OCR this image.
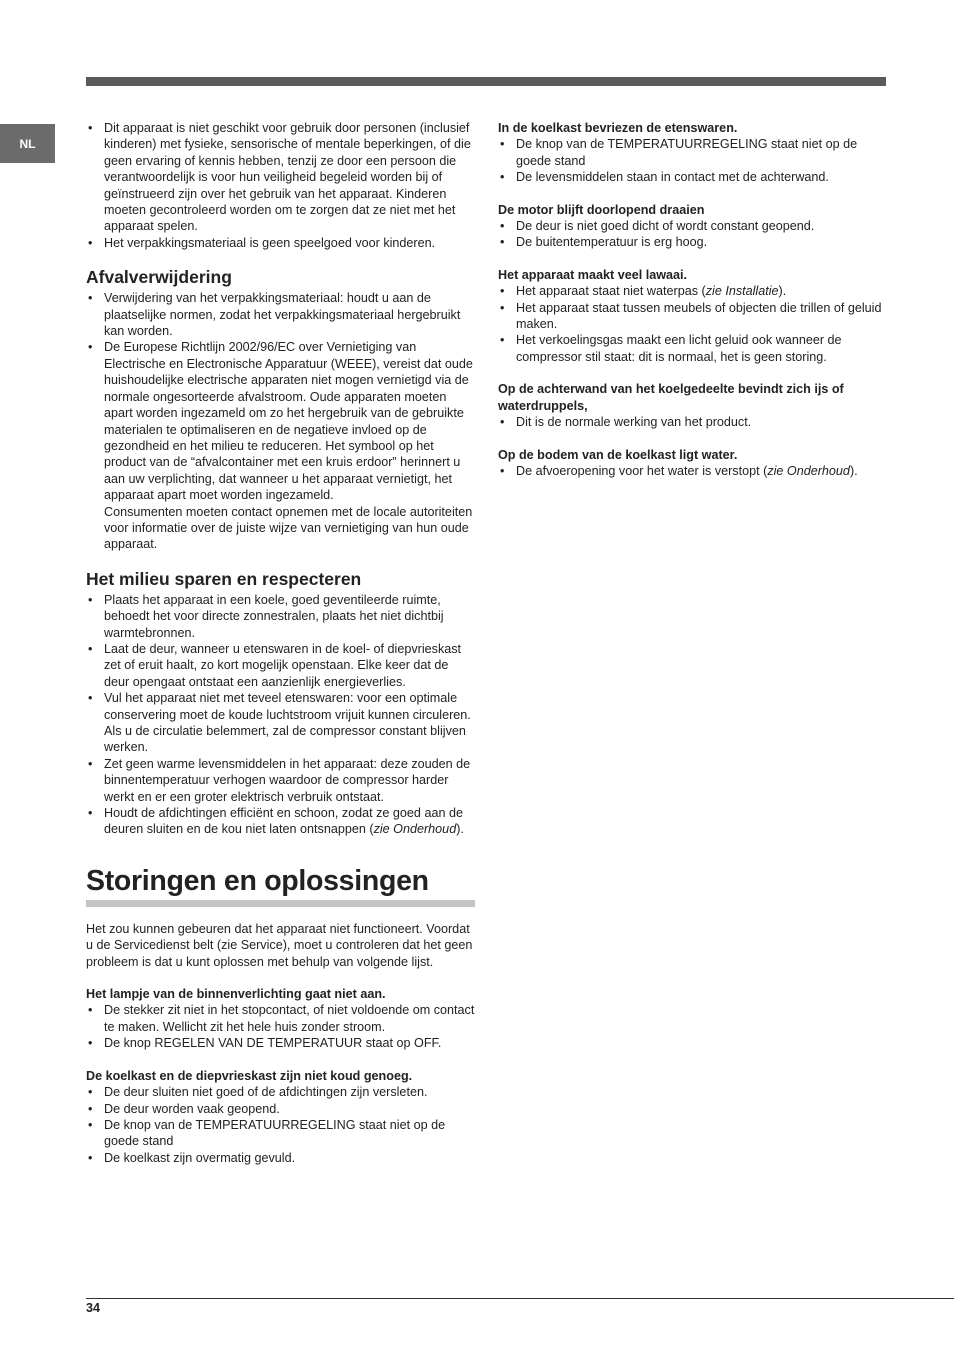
NL
• Dit apparaat is niet geschikt voor gebruik door personen (inclusief kinderen) met fysieke, sensorische of mentale beperkingen, of die geen ervaring of kennis hebben, tenzij ze door een persoon die verantwoordelijk is voor hun veiligheid begeleid worden bij of geïnstrueerd zijn over het gebruik van het apparaat. Kinderen moeten gecontroleerd worden om te zorgen dat ze niet met het apparaat spelen.
• Het verpakkingsmateriaal is geen speelgoed voor kinderen.
Afvalverwijdering
• Verwijdering van het verpakkingsmateriaal: houdt u aan de plaatselijke normen, zodat het verpakkingsmateriaal hergebruikt kan worden.
• De Europese Richtlijn 2002/96/EC over Vernietiging van Electrische en Electronische Apparatuur (WEEE), vereist dat oude huishoudelijke electrische apparaten niet mogen vernietigd via de normale ongesorteerde afvalstroom. Oude apparaten moeten apart worden ingezameld om zo het hergebruik van de gebruikte materialen te optimaliseren en de negatieve invloed op de gezondheid en het milieu te reduceren. Het symbool op het product van de “afvalcontainer met een kruis erdoor” herinnert u aan uw verplichting, dat wanneer u het apparaat vernietigt, het apparaat apart moet worden ingezameld.
Consumenten moeten contact opnemen met de locale autoriteiten voor informatie over de juiste wijze van vernietiging van hun oude apparaat.
Het milieu sparen en respecteren
• Plaats het apparaat in een koele, goed geventileerde ruimte, behoedt het voor directe zonnestralen, plaats het niet dichtbij warmtebronnen.
• Laat de deur, wanneer u etenswaren in de koel- of diepvrieskast zet of eruit haalt, zo kort mogelijk openstaan. Elke keer dat de deur opengaat ontstaat een aanzienlijk energieverlies.
• Vul het apparaat niet met teveel etenswaren: voor een optimale conservering moet de koude luchtstroom vrijuit kunnen circuleren. Als u de circulatie belemmert, zal de compressor constant blijven werken.
• Zet geen warme levensmiddelen in het apparaat: deze zouden de binnentemperatuur verhogen waardoor de compressor harder werkt en er een groter elektrisch verbruik ontstaat.
• Houdt de afdichtingen efficiënt en schoon, zodat ze goed aan de deuren sluiten en de kou niet laten ontsnappen (zie Onderhoud).
Storingen en oplossingen
Het zou kunnen gebeuren dat het apparaat niet functioneert. Voordat u de Servicedienst belt (zie Service), moet u controleren dat het geen probleem is dat u kunt oplossen met behulp van volgende lijst.
Het lampje van de binnenverlichting gaat niet aan.
• De stekker zit niet in het stopcontact, of niet voldoende om contact te maken. Wellicht zit het hele huis zonder stroom.
• De knop REGELEN VAN DE TEMPERATUUR staat op OFF.
De koelkast en de diepvrieskast zijn niet koud genoeg.
• De deur sluiten niet goed of de afdichtingen zijn versleten.
• De deur worden vaak geopend.
• De knop van de TEMPERATUURREGELING staat niet op de goede stand
• De koelkast zijn overmatig gevuld.
In de koelkast bevriezen de etenswaren.
• De knop van de TEMPERATUURREGELING staat niet op de goede stand
• De levensmiddelen staan in contact met de achterwand.
De motor blijft doorlopend draaien
• De deur is niet goed dicht of wordt constant geopend.
• De buitentemperatuur is erg hoog.
Het apparaat maakt veel lawaai.
• Het apparaat staat niet waterpas (zie Installatie).
• Het apparaat staat tussen meubels of objecten die trillen of geluid maken.
• Het verkoelingsgas maakt een licht geluid ook wanneer de compressor stil staat: dit is normaal, het is geen storing.
Op de achterwand van het koelgedeelte bevindt zich ijs of waterdruppels,
• Dit is de normale werking van het product.
Op de bodem van de koelkast ligt water.
• De afvoeropening voor het water is verstopt (zie Onderhoud).
34
